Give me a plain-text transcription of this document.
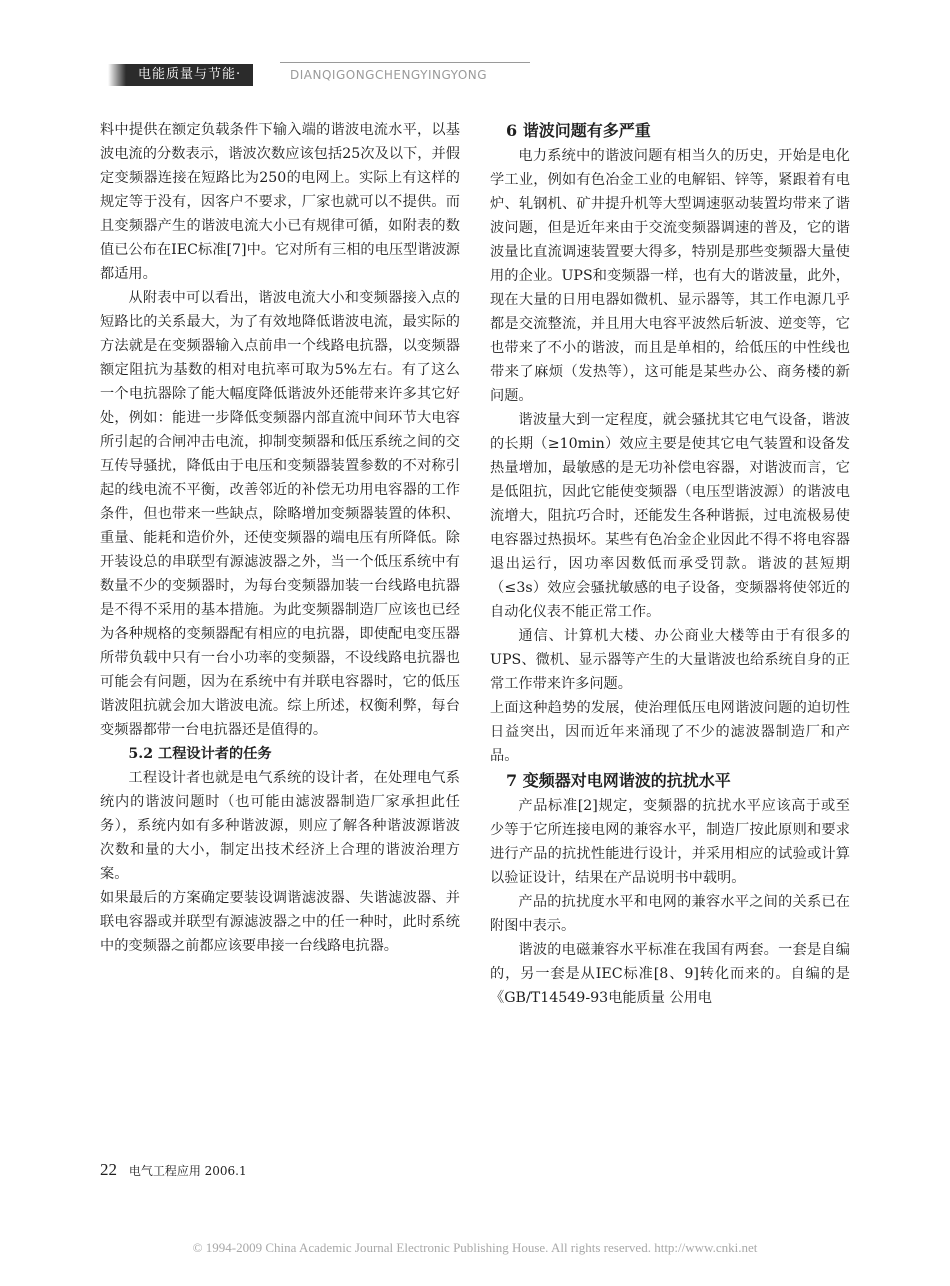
电能质量与节能·	DIANQIGONGCHENGYINGYONG

料中提供在额定负载条件下输入端的谐波电流水平，以基波电流的分数表示，谐波次数应该包括25次及以下，并假定变频器连接在短路比为250的电网上。实际上有这样的规定等于没有，因客户不要求，厂家也就可以不提供。而且变频器产生的谐波电流大小已有规律可循，如附表的数值已公布在IEC标准[7]中。它对所有三相的电压型谐波源都适用。

从附表中可以看出，谐波电流大小和变频器接入点的短路比的关系最大，为了有效地降低谐波电流，最实际的方法就是在变频器输入点前串一个线路电抗器，以变频器额定阻抗为基数的相对电抗率可取为5%左右。有了这么一个电抗器除了能大幅度降低谐波外还能带来许多其它好处，例如：能进一步降低变频器内部直流中间环节大电容所引起的合闸冲击电流，抑制变频器和低压系统之间的交互传导骚扰，降低由于电压和变频器装置参数的不对称引起的线电流不平衡，改善邻近的补偿无功用电容器的工作条件，但也带来一些缺点，除略增加变频器装置的体积、重量、能耗和造价外，还使变频器的端电压有所降低。除开装设总的串联型有源滤波器之外，当一个低压系统中有数量不少的变频器时，为每台变频器加装一台线路电抗器是不得不采用的基本措施。为此变频器制造厂应该也已经为各种规格的变频器配有相应的电抗器，即使配电变压器所带负载中只有一台小功率的变频器，不设线路电抗器也可能会有问题，因为在系统中有并联电容器时，它的低压谐波阻抗就会加大谐波电流。综上所述，权衡利弊，每台变频器都带一台电抗器还是值得的。

5.2 工程设计者的任务

工程设计者也就是电气系统的设计者，在处理电气系统内的谐波问题时（也可能由滤波器制造厂家承担此任务），系统内如有多种谐波源，则应了解各种谐波源谐波次数和量的大小，制定出技术经济上合理的谐波治理方案。

如果最后的方案确定要装设调谐滤波器、失谐滤波器、并联电容器或并联型有源滤波器之中的任一种时，此时系统中的变频器之前都应该要串接一台线路电抗器。

6 谐波问题有多严重

电力系统中的谐波问题有相当久的历史，开始是电化学工业，例如有色冶金工业的电解铝、锌等，紧跟着有电炉、轧钢机、矿井提升机等大型调速驱动装置均带来了谐波问题，但是近年来由于交流变频器调速的普及，它的谐波量比直流调速装置要大得多，特别是那些变频器大量使用的企业。UPS和变频器一样，也有大的谐波量，此外，现在大量的日用电器如微机、显示器等，其工作电源几乎都是交流整流，并且用大电容平波然后斩波、逆变等，它也带来了不小的谐波，而且是单相的，给低压的中性线也带来了麻烦（发热等），这可能是某些办公、商务楼的新问题。

谐波量大到一定程度，就会骚扰其它电气设备，谐波的长期（≥10min）效应主要是使其它电气装置和设备发热量增加，最敏感的是无功补偿电容器，对谐波而言，它是低阻抗，因此它能使变频器（电压型谐波源）的谐波电流增大，阻抗巧合时，还能发生各种谐振，过电流极易使电容器过热损坏。某些有色冶金企业因此不得不将电容器退出运行，因功率因数低而承受罚款。谐波的甚短期（≤3s）效应会骚扰敏感的电子设备，变频器将使邻近的自动化仪表不能正常工作。

通信、计算机大楼、办公商业大楼等由于有很多的UPS、微机、显示器等产生的大量谐波也给系统自身的正常工作带来许多问题。

上面这种趋势的发展，使治理低压电网谐波问题的迫切性日益突出，因而近年来涌现了不少的滤波器制造厂和产品。

7 变频器对电网谐波的抗扰水平

产品标准[2]规定，变频器的抗扰水平应该高于或至少等于它所连接电网的兼容水平，制造厂按此原则和要求进行产品的抗扰性能进行设计，并采用相应的试验或计算以验证设计，结果在产品说明书中载明。

产品的抗扰度水平和电网的兼容水平之间的关系已在附图中表示。

谐波的电磁兼容水平标准在我国有两套。一套是自编的，另一套是从IEC标准[8、9]转化而来的。自编的是《GB/T14549-93电能质量 公用电

22 电气工程应用 2006.1
© 1994-2009 China Academic Journal Electronic Publishing House. All rights reserved. http://www.cnki.net
